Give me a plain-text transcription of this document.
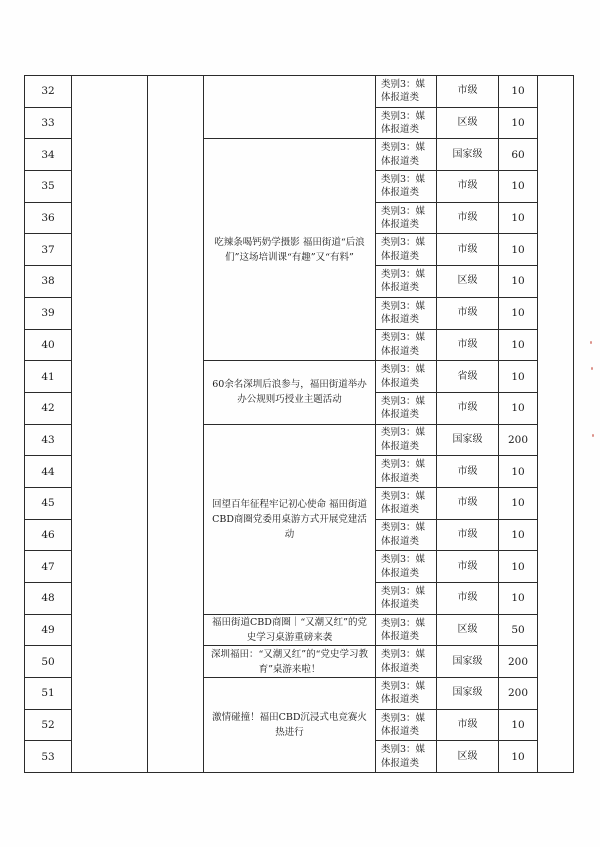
32				类别3：媒体报道类	市级	10	
33				类别3：媒体报道类	区级	10	
34			吃辣条喝钙奶学摄影 福田街道“后浪们”这场培训课“有趣”又“有料”	类别3：媒体报道类	国家级	60	
35				类别3：媒体报道类	市级	10	
36				类别3：媒体报道类	市级	10	
37				类别3：媒体报道类	市级	10	
38				类别3：媒体报道类	区级	10	
39				类别3：媒体报道类	市级	10	
40				类别3：媒体报道类	市级	10	
41			60余名深圳后浪参与，福田街道举办办公规则巧授业主题活动	类别3：媒体报道类	省级	10	
42				类别3：媒体报道类	市级	10	
43			回望百年征程牢记初心使命 福田街道CBD商圈党委用桌游方式开展党建活动	类别3：媒体报道类	国家级	200	
44				类别3：媒体报道类	市级	10	
45				类别3：媒体报道类	市级	10	
46				类别3：媒体报道类	市级	10	
47				类别3：媒体报道类	市级	10	
48				类别3：媒体报道类	市级	10	
49			福田街道CBD商圈｜“又潮又红”的党史学习桌游重磅来袭	类别3：媒体报道类	区级	50	
50			深圳福田：“又潮又红”的“党史学习教育”桌游来啦！	类别3：媒体报道类	国家级	200	
51			激情碰撞！福田CBD沉浸式电竞赛火热进行	类别3：媒体报道类	国家级	200	
52				类别3：媒体报道类	市级	10	
53				类别3：媒体报道类	区级	10	
